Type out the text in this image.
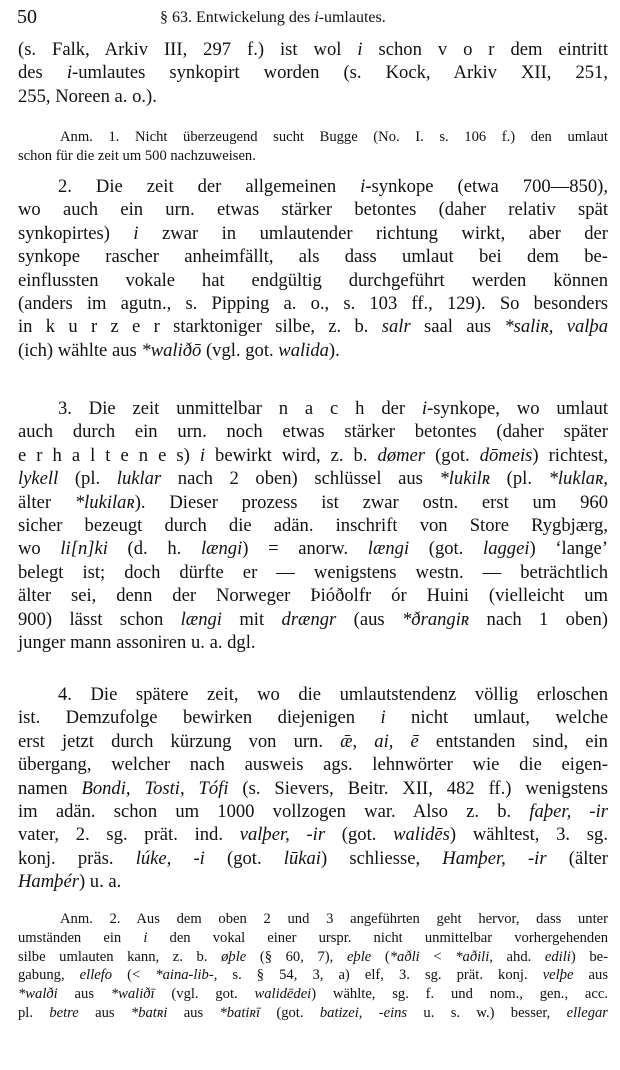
50	§ 63. Entwickelung des i-umlautes.
(s. Falk, Arkiv III, 297 f.) ist wol i schon v o r dem eintritt
des i-umlautes synkopirt worden (s. Kock, Arkiv XII, 251,
255, Noreen a. o.).
Anm. 1. Nicht überzeugend sucht Bugge (No. I. s. 106 f.) den umlaut
schon für die zeit um 500 nachzuweisen.
2. Die zeit der allgemeinen i-synkope (etwa 700—850),
wo auch ein urn. etwas stärker betontes (daher relativ spät
synkopirtes) i zwar in umlautender richtung wirkt, aber der
synkope rascher anheimfällt, als dass umlaut bei dem be-
einflussten vokale hat endgültig durchgeführt werden können
(anders im agutn., s. Pipping a. o., s. 103 ff., 129). So besonders
in k u r z e r starktoniger silbe, z. b. salr saal aus *saliʀ, valþa
(ich) wählte aus *waliðō (vgl. got. walida).
3. Die zeit unmittelbar n a c h der i-synkope, wo umlaut
auch durch ein urn. noch etwas stärker betontes (daher später
e r h a l t e n e s) i bewirkt wird, z. b. dømer (got. dōmeis) richtest,
lykell (pl. luklar nach 2 oben) schlüssel aus *lukilʀ (pl. *luklaʀ,
älter *lukilaʀ). Dieser prozess ist zwar ostn. erst um 960
sicher bezeugt durch die adän. inschrift von Store Rygbjærg,
wo li[n]ki (d. h. længi) = anorw. længi (got. laggei) ‘lange’
belegt ist; doch dürfte er — wenigstens westn. — beträchtlich
älter sei, denn der Norweger Þióðolfr ór Huini (vielleicht um
900) lässt schon længi mit drængr (aus *ðrangiʀ nach 1 oben)
junger mann assoniren u. a. dgl.
4. Die spätere zeit, wo die umlautstendenz völlig erloschen
ist. Demzufolge bewirken diejenigen i nicht umlaut, welche
erst jetzt durch kürzung von urn. ǣ, ai, ē entstanden sind, ein
übergang, welcher nach ausweis ags. lehnwörter wie die eigen-
namen Bondi, Tosti, Tófi (s. Sievers, Beitr. XII, 482 ff.) wenigstens
im adän. schon um 1000 vollzogen war. Also z. b. faþer, -ir
vater, 2. sg. prät. ind. valþer, -ir (got. walidēs) wähltest, 3. sg.
konj. präs. lúke, -i (got. lūkai) schliesse, Hamþer, -ir (älter
Hamþér) u. a.
Anm. 2. Aus dem oben 2 und 3 angeführten geht hervor, dass unter
umständen ein i den vokal einer urspr. nicht unmittelbar vorhergehenden
silbe umlauten kann, z. b. øþle (§ 60, 7), eþle (*aðli < *aðili, ahd. edili) be-
gabung, ellefo (< *aina-lib-, s. § 54, 3, a) elf, 3. sg. prät. konj. velþe aus
*walði aus *waliðī (vgl. got. walidēdei) wählte, sg. f. und nom., gen., acc.
pl. betre aus *batʀi aus *batiʀī (got. batizei, -eins u. s. w.) besser, ellegar
